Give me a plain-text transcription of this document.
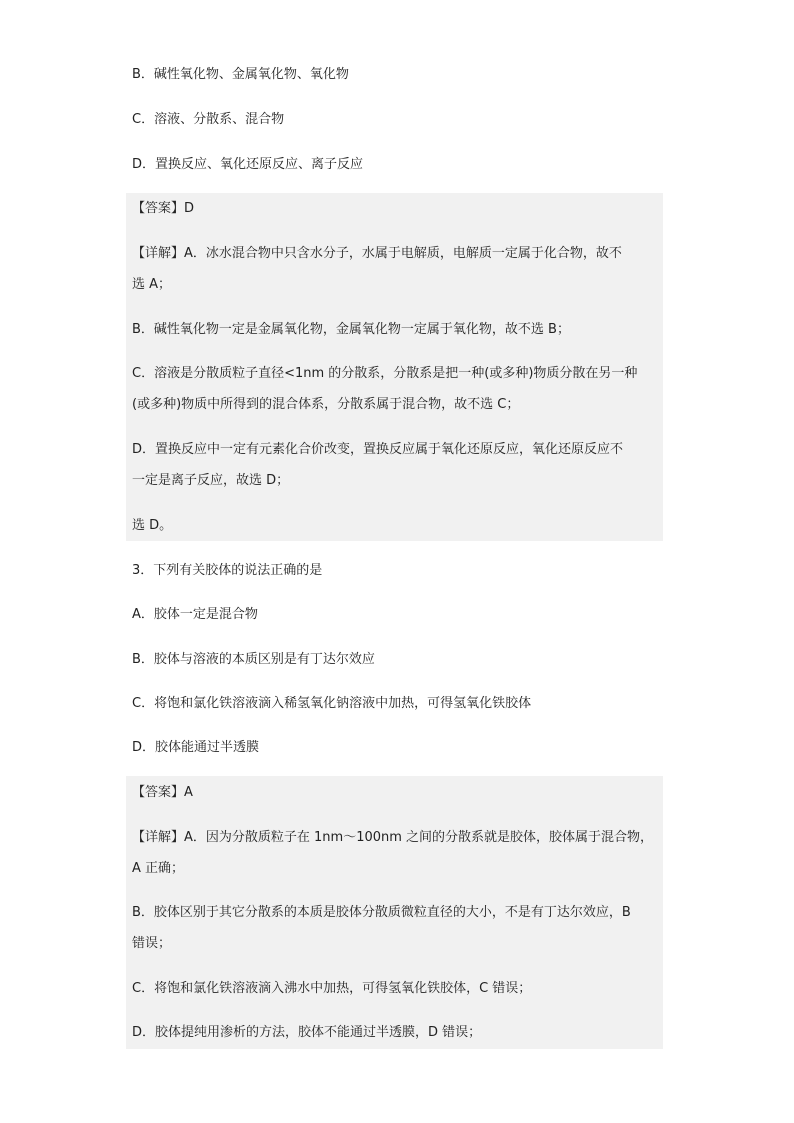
B．碱性氧化物、金属氧化物、氧化物
C．溶液、分散系、混合物
D．置换反应、氧化还原反应、离子反应
【答案】D
【详解】A．冰水混合物中只含水分子，水属于电解质，电解质一定属于化合物，故不
选 A；
B．碱性氧化物一定是金属氧化物，金属氧化物一定属于氧化物，故不选 B；
C．溶液是分散质粒子直径<1nm 的分散系，分散系是把一种(或多种)物质分散在另一种
(或多种)物质中所得到的混合体系，分散系属于混合物，故不选 C；
D．置换反应中一定有元素化合价改变，置换反应属于氧化还原反应，氧化还原反应不
一定是离子反应，故选 D；
选 D。
3．下列有关胶体的说法正确的是
A．胶体一定是混合物
B．胶体与溶液的本质区别是有丁达尔效应
C．将饱和氯化铁溶液滴入稀氢氧化钠溶液中加热，可得氢氧化铁胶体
D．胶体能通过半透膜
【答案】A
【详解】A．因为分散质粒子在 1nm～100nm 之间的分散系就是胶体，胶体属于混合物，
A 正确；
B．胶体区别于其它分散系的本质是胶体分散质微粒直径的大小，不是有丁达尔效应，B
错误；
C．将饱和氯化铁溶液滴入沸水中加热，可得氢氧化铁胶体，C 错误；
D．胶体提纯用渗析的方法，胶体不能通过半透膜，D 错误；
